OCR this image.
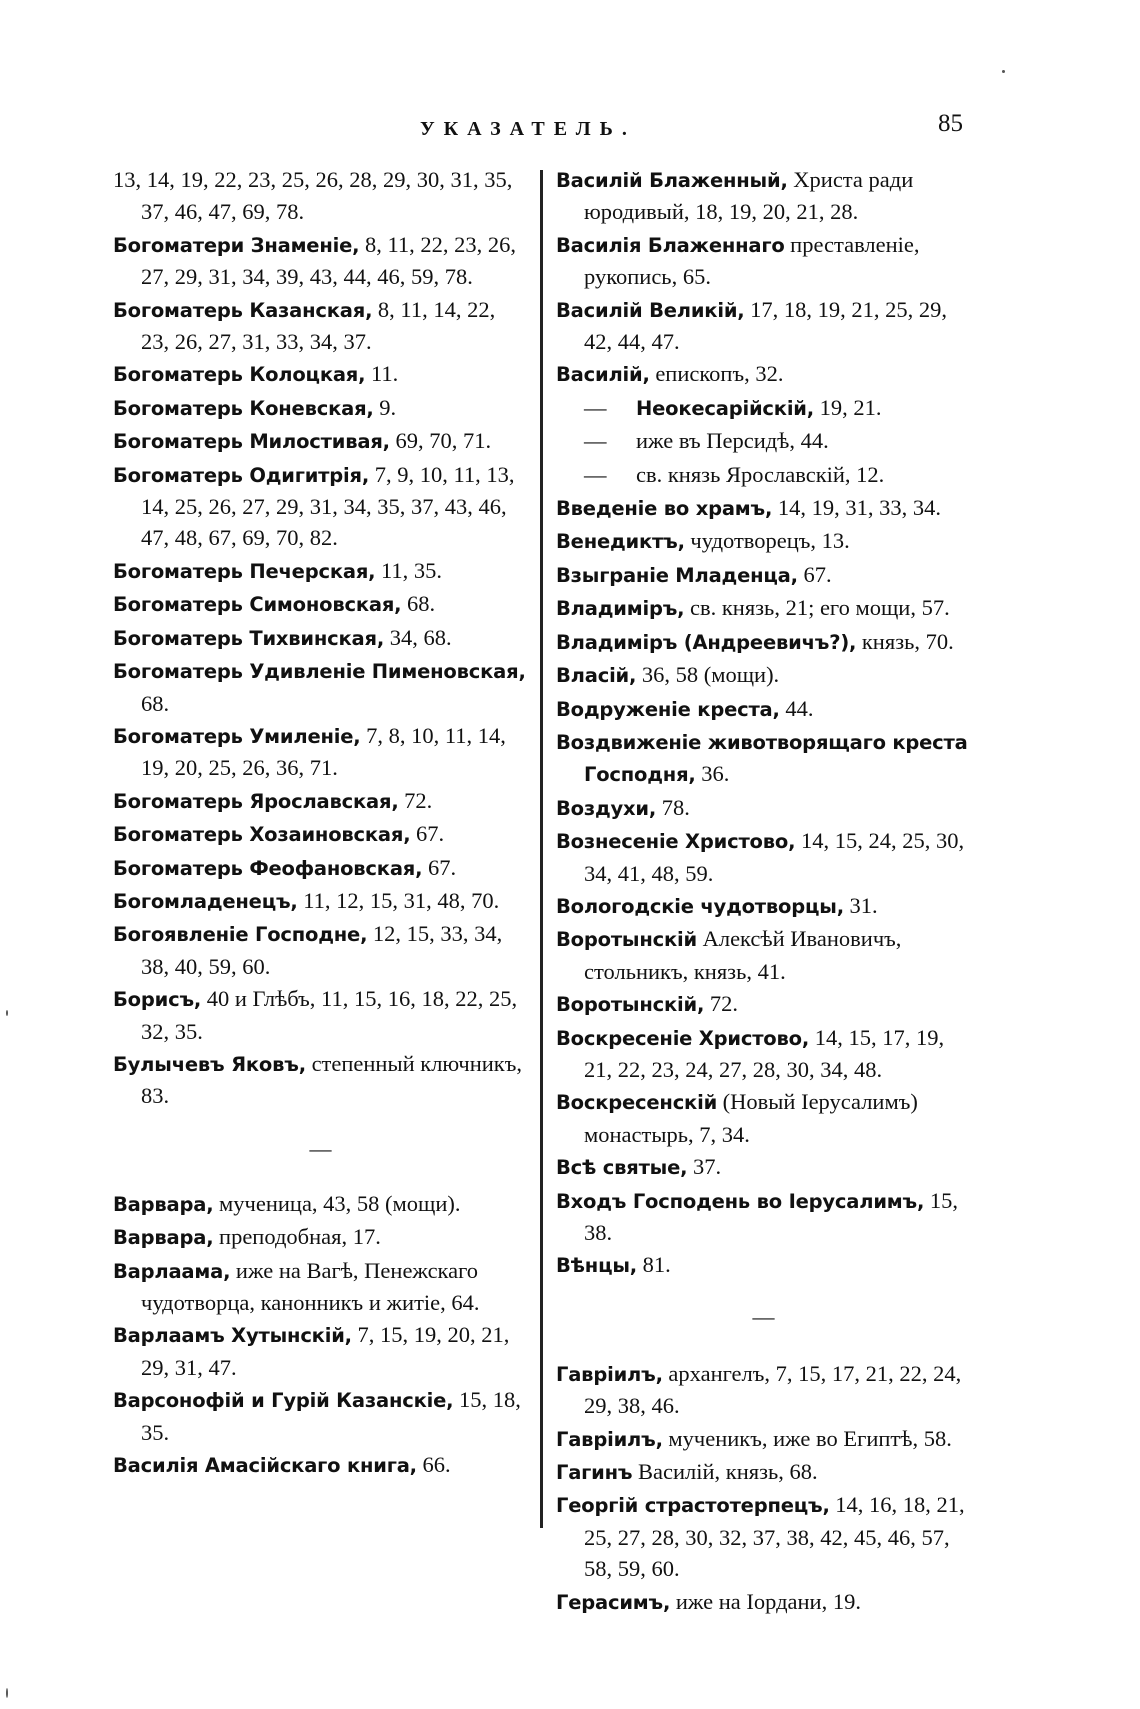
УКАЗАТЕЛЬ.	85
13, 14, 19, 22, 23, 25, 26, 28, 29, 30, 31, 35, 37, 46, 47, 69, 78.
Богоматери Знаменіе, 8, 11, 22, 23, 26, 27, 29, 31, 34, 39, 43, 44, 46, 59, 78.
Богоматерь Казанская, 8, 11, 14, 22, 23, 26, 27, 31, 33, 34, 37.
Богоматерь Колоцкая, 11.
Богоматерь Коневская, 9.
Богоматерь Милостивая, 69, 70, 71.
Богоматерь Одигитрія, 7, 9, 10, 11, 13, 14, 25, 26, 27, 29, 31, 34, 35, 37, 43, 46, 47, 48, 67, 69, 70, 82.
Богоматерь Печерская, 11, 35.
Богоматерь Симоновская, 68.
Богоматерь Тихвинская, 34, 68.
Богоматерь Удивленіе Пименовская, 68.
Богоматерь Умиленіе, 7, 8, 10, 11, 14, 19, 20, 25, 26, 36, 71.
Богоматерь Ярославская, 72.
Богоматерь Хозаиновская, 67.
Богоматерь Феофановская, 67.
Богомладенецъ, 11, 12, 15, 31, 48, 70.
Богоявленіе Господне, 12, 15, 33, 34, 38, 40, 59, 60.
Борисъ, 40 и Глѣбъ, 11, 15, 16, 18, 22, 25, 32, 35.
Булычевъ Яковъ, степенный ключникъ, 83.
—
Варвара, мученица, 43, 58 (мощи).
Варвара, преподобная, 17.
Варлаама, иже на Вагѣ, Пенежскаго чудотворца, канонникъ и житіе, 64.
Варлаамъ Хутынскій, 7, 15, 19, 20, 21, 29, 31, 47.
Варсонофій и Гурій Казанскіе, 15, 18, 35.
Василія Амасійскаго книга, 66.
Василій Блаженный, Христа ради юродивый, 18, 19, 20, 21, 28.
Василія Блаженнаго преставленіе, рукопись, 65.
Василій Великій, 17, 18, 19, 21, 25, 29, 42, 44, 47.
Василій, епископъ, 32.
— Неокесарійскій, 19, 21.
— иже въ Персидѣ, 44.
— св. князь Ярославскій, 12.
Введеніе во храмъ, 14, 19, 31, 33, 34.
Венедиктъ, чудотворецъ, 13.
Взыграніе Младенца, 67.
Владиміръ, св. князь, 21; его мощи, 57.
Владиміръ (Андреевичъ?), князь, 70.
Власій, 36, 58 (мощи).
Водруженіе креста, 44.
Воздвиженіе животворящаго креста Господня, 36.
Воздухи, 78.
Вознесеніе Христово, 14, 15, 24, 25, 30, 34, 41, 48, 59.
Вологодскіе чудотворцы, 31.
Воротынскій Алексѣй Ивановичъ, стольникъ, князь, 41.
Воротынскій, 72.
Воскресеніе Христово, 14, 15, 17, 19, 21, 22, 23, 24, 27, 28, 30, 34, 48.
Воскресенскій (Новый Іерусалимъ) монастырь, 7, 34.
Всѣ святые, 37.
Входъ Господень во Іерусалимъ, 15, 38.
Вѣнцы, 81.
—
Гавріилъ, архангелъ, 7, 15, 17, 21, 22, 24, 29, 38, 46.
Гавріилъ, мученикъ, иже во Египтѣ, 58.
Гагинъ Василій, князь, 68.
Георгій страстотерпецъ, 14, 16, 18, 21, 25, 27, 28, 30, 32, 37, 38, 42, 45, 46, 57, 58, 59, 60.
Герасимъ, иже на Іордани, 19.
